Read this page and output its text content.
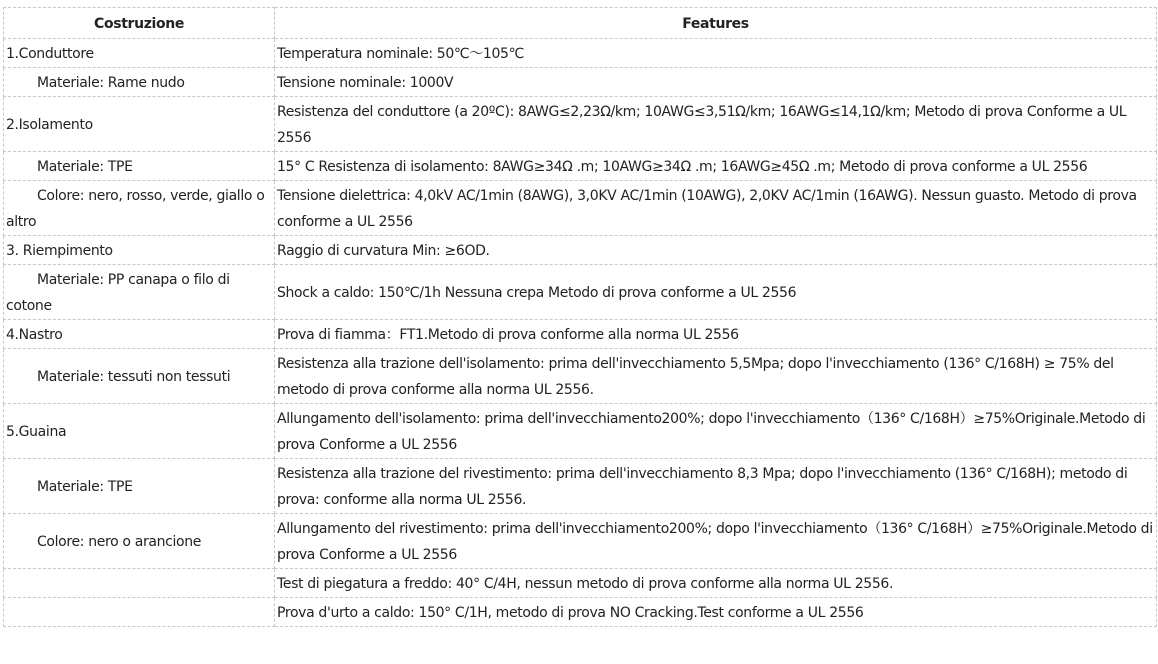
Costruzione	Features
1.Conduttore	Temperatura nominale: 50℃～105℃
Materiale: Rame nudo	Tensione nominale: 1000V
2.Isolamento	Resistenza del conduttore (a 20ºC): 8AWG≤2,23Ω/km; 10AWG≤3,51Ω/km; 16AWG≤14,1Ω/km; Metodo di prova Conforme a UL 2556
Materiale: TPE	15° C Resistenza di isolamento: 8AWG≥34Ω .m; 10AWG≥34Ω .m; 16AWG≥45Ω .m; Metodo di prova conforme a UL 2556
Colore: nero, rosso, verde, giallo o altro	Tensione dielettrica: 4,0kV AC/1min (8AWG), 3,0KV AC/1min (10AWG), 2,0KV AC/1min (16AWG). Nessun guasto. Metodo di prova conforme a UL 2556
3. Riempimento	Raggio di curvatura Min: ≥6OD.
Materiale: PP canapa o filo di cotone	Shock a caldo: 150℃/1h Nessuna crepa Metodo di prova conforme a UL 2556
4.Nastro	Prova di fiamma：FT1.Metodo di prova conforme alla norma UL 2556
Materiale: tessuti non tessuti	Resistenza alla trazione dell'isolamento: prima dell'invecchiamento 5,5Mpa; dopo l'invecchiamento (136° C/168H) ≥ 75% del metodo di prova conforme alla norma UL 2556.
5.Guaina	Allungamento dell'isolamento: prima dell'invecchiamento200%; dopo l'invecchiamento（136° C/168H）≥75%Originale.Metodo di prova Conforme a UL 2556
Materiale: TPE	Resistenza alla trazione del rivestimento: prima dell'invecchiamento 8,3 Mpa; dopo l'invecchiamento (136° C/168H); metodo di prova: conforme alla norma UL 2556.
Colore: nero o arancione	Allungamento del rivestimento: prima dell'invecchiamento200%; dopo l'invecchiamento（136° C/168H）≥75%Originale.Metodo di prova Conforme a UL 2556
	Test di piegatura a freddo: 40° C/4H, nessun metodo di prova conforme alla norma UL 2556.
	Prova d'urto a caldo: 150° C/1H, metodo di prova NO Cracking.Test conforme a UL 2556
